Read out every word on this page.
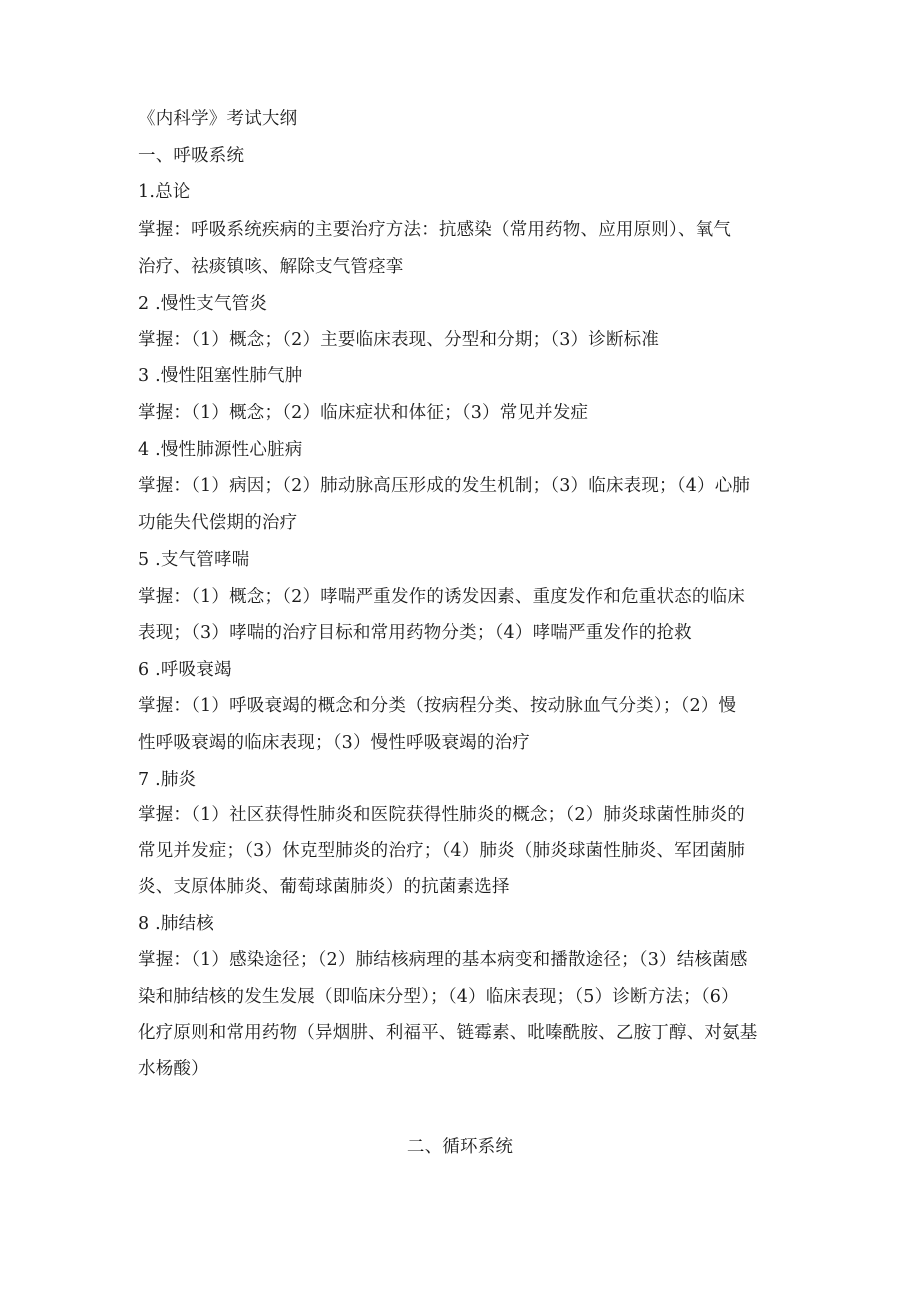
《内科学》考试大纲
一、呼吸系统
1.总论
掌握：呼吸系统疾病的主要治疗方法：抗感染（常用药物、应用原则）、氧气
治疗、祛痰镇咳、解除支气管痉挛
2 .慢性支气管炎
掌握：（1）概念；（2）主要临床表现、分型和分期；（3）诊断标准
3 .慢性阻塞性肺气肿
掌握：（1）概念；（2）临床症状和体征；（3）常见并发症
4 .慢性肺源性心脏病
掌握：（1）病因；（2）肺动脉高压形成的发生机制；（3）临床表现；（4）心肺
功能失代偿期的治疗
5 .支气管哮喘
掌握：（1）概念；（2）哮喘严重发作的诱发因素、重度发作和危重状态的临床
表现；（3）哮喘的治疗目标和常用药物分类；（4）哮喘严重发作的抢救
6 .呼吸衰竭
掌握：（1）呼吸衰竭的概念和分类（按病程分类、按动脉血气分类）；（2）慢
性呼吸衰竭的临床表现；（3）慢性呼吸衰竭的治疗
7 .肺炎
掌握：（1）社区获得性肺炎和医院获得性肺炎的概念；（2）肺炎球菌性肺炎的
常见并发症；（3）休克型肺炎的治疗；（4）肺炎（肺炎球菌性肺炎、军团菌肺
炎、支原体肺炎、葡萄球菌肺炎）的抗菌素选择
8 .肺结核
掌握：（1）感染途径；（2）肺结核病理的基本病变和播散途径；（3）结核菌感
染和肺结核的发生发展（即临床分型）；（4）临床表现；（5）诊断方法；（6）
化疗原则和常用药物（异烟肼、利福平、链霉素、吡嗪酰胺、乙胺丁醇、对氨基
水杨酸）
二、循环系统
